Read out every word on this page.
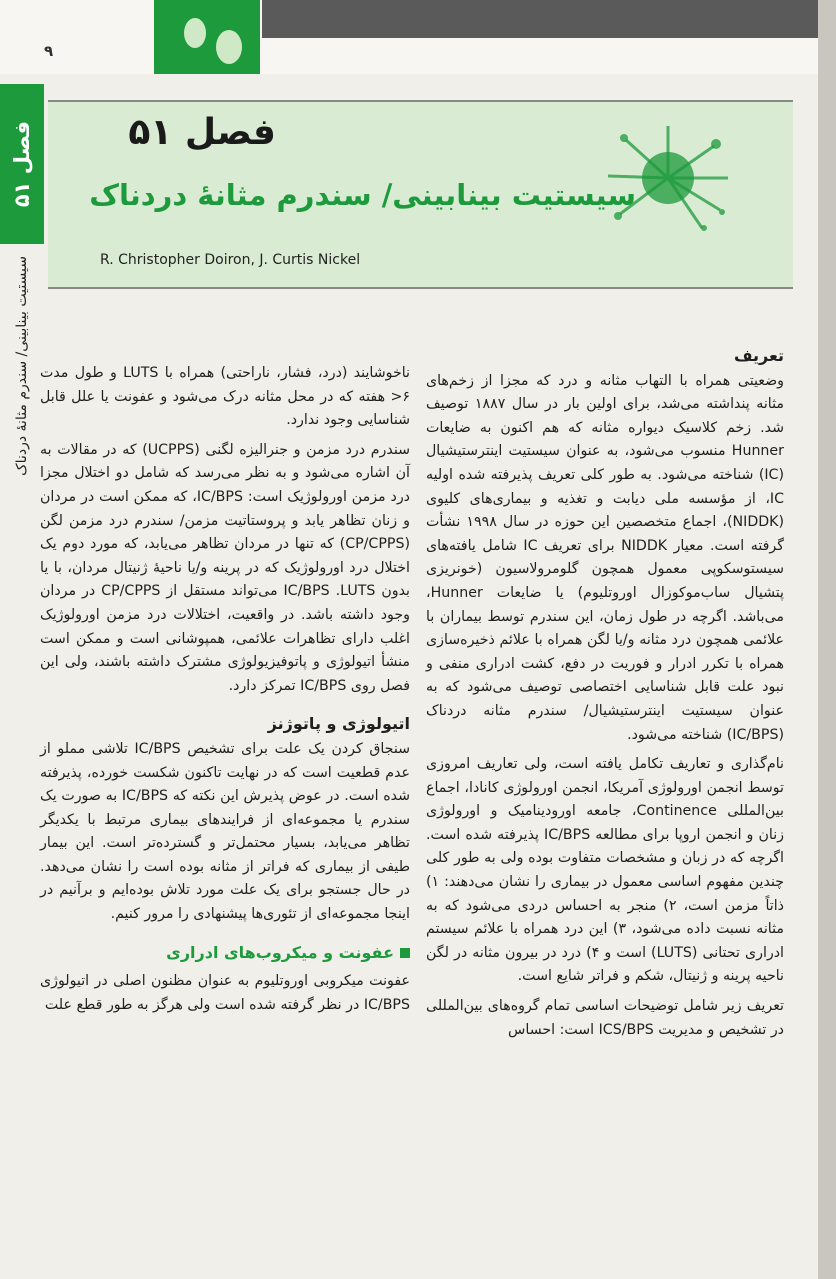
۹
فصل ۵۱
سیستیت بینابینی/ سندرم مثانهٔ دردناک
فصل ۵۱
سیستیت بینابینی/ سندرم مثانهٔ دردناک
R. Christopher Doiron, J. Curtis Nickel
تعریف

وضعیتی همراه با التهاب مثانه و درد که مجزا از زخم‌های مثانه پنداشته می‌شد، برای اولین بار در سال ۱۸۸۷ توصیف شد. زخم کلاسیک دیواره مثانه که هم اکنون به ضایعات Hunner منسوب می‌شود، به عنوان سیستیت اینترستیشیال (IC) شناخته می‌شود. به طور کلی تعریف پذیرفته شده اولیه IC، از مؤسسه ملی دیابت و تغذیه و بیماری‌های کلیوی (NIDDK)، اجماع متخصصین این حوزه در سال ۱۹۹۸ نشأت گرفته است. معیار NIDDK برای تعریف IC شامل یافته‌های سیستوسکوپی معمول همچون گلومرولاسیون (خونریزی پتشیال ساب‌موکوزال اوروتلیوم) یا ضایعات Hunner، می‌باشد. اگرچه در طول زمان، این سندرم توسط بیماران با علائمی همچون درد مثانه و/یا لگن همراه با علائم ذخیره‌سازی همراه با تکرر ادرار و فوریت در دفع، کشت ادراری منفی و نبود علت قابل شناسایی اختصاصی توصیف می‌شود که به عنوان سیستیت اینترستیشیال/ سندرم مثانه دردناک (IC/BPS) شناخته می‌شود.

نام‌گذاری و تعاریف تکامل یافته است، ولی تعاریف امروزی توسط انجمن اورولوژی آمریکا، انجمن اورولوژی کانادا، اجماع بین‌المللی Continence، جامعه اورودینامیک و اورولوژی زنان و انجمن اروپا برای مطالعه IC/BPS پذیرفته شده است. اگرچه که در زبان و مشخصات متفاوت بوده ولی به طور کلی چندین مفهوم اساسی معمول در بیماری را نشان می‌دهند: ۱) ذاتاً مزمن است، ۲) منجر به احساس دردی می‌شود که به مثانه نسبت داده می‌شود، ۳) این درد همراه با علائم سیستم ادراری تحتانی (LUTS) است و ۴) درد در بیرون مثانه در لگن ناحیه پرینه و ژنیتال، شکم و فراتر شایع است.

تعریف زیر شامل توضیحات اساسی تمام گروه‌های بین‌المللی در تشخیص و مدیریت ICS/BPS است: احساس

ناخوشایند (درد، فشار، ناراحتی) همراه با LUTS و طول مدت ۶< هفته که در محل مثانه درک می‌شود و عفونت یا علل قابل شناسایی وجود ندارد.

سندرم درد مزمن و جنرالیزه لگنی (UCPPS) که در مقالات به آن اشاره می‌شود و به نظر می‌رسد که شامل دو اختلال مجزا درد مزمن اورولوژیک است: IC/BPS، که ممکن است در مردان و زنان تظاهر یابد و پروستاتیت مزمن/ سندرم درد مزمن لگن (CP/CPPS) که تنها در مردان تظاهر می‌یابد، که مورد دوم یک اختلال درد اورولوژیک که در پرینه و/یا ناحیهٔ ژنیتال مردان، با یا بدون IC/BPS .LUTS می‌تواند مستقل از CP/CPPS در مردان وجود داشته باشد. در واقعیت، اختلالات درد مزمن اورولوژیک اغلب دارای تظاهرات علائمی، همپوشانی است و ممکن است منشأ اتیولوژی و پاتوفیزیولوژی مشترک داشته باشند، ولی این فصل روی IC/BPS تمرکز دارد.

اتیولوژی و پاتوژنز

سنجاق کردن یک علت برای تشخیص IC/BPS تلاشی مملو از عدم قطعیت است که در نهایت تاکنون شکست خورده، پذیرفته شده است. در عوض پذیرش این نکته که IC/BPS به صورت یک سندرم یا مجموعه‌ای از فرایندهای بیماری مرتبط با یکدیگر تظاهر می‌یابد، بسیار محتمل‌تر و گسترده‌تر است. این بیمار طیفی از بیماری که فراتر از مثانه بوده است را نشان می‌دهد. در حال جستجو برای یک علت مورد تلاش بوده‌ایم و برآنیم در اینجا مجموعه‌ای از تئوری‌ها پیشنهادی را مرور کنیم.

عفونت و میکروب‌های ادراری

عفونت میکروبی اوروتلیوم به عنوان مظنون اصلی در اتیولوژی IC/BPS در نظر گرفته شده است ولی هرگز به طور قطع علت
